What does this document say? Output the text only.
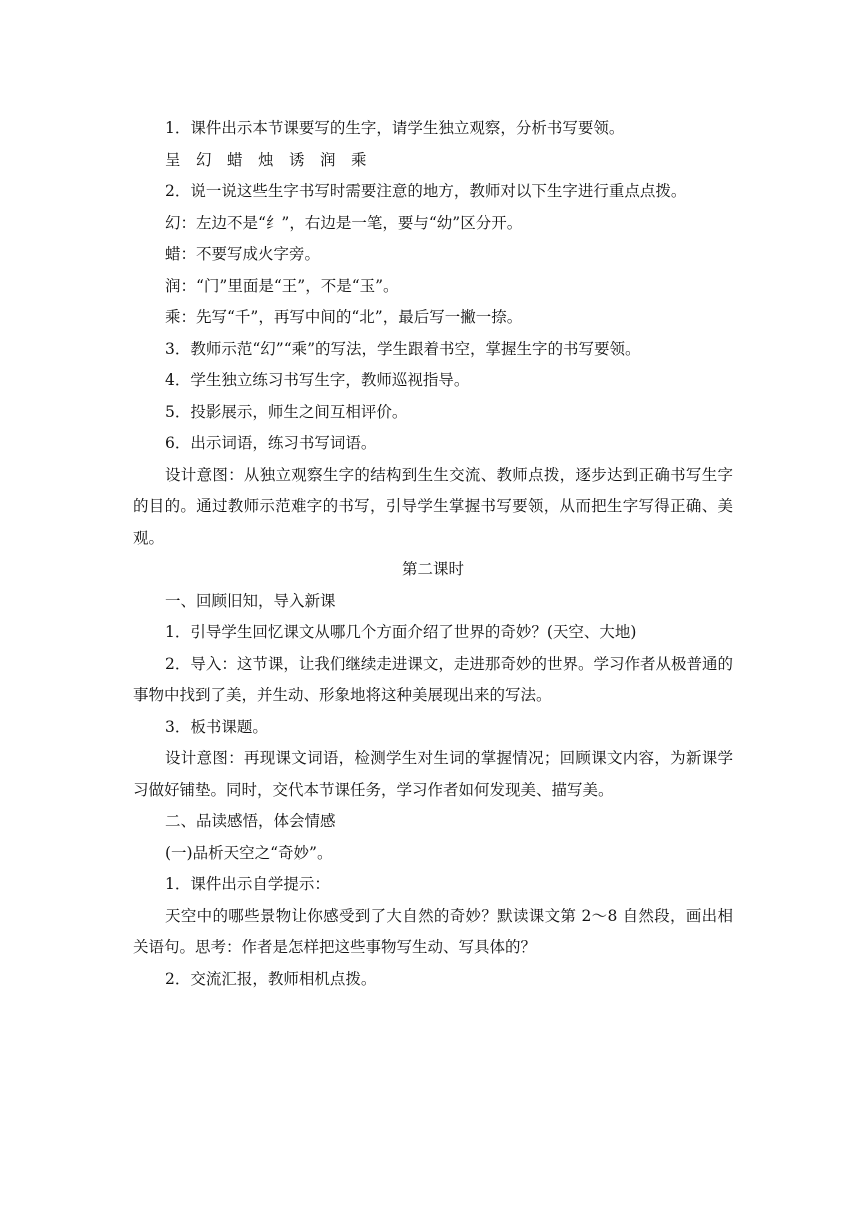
1．课件出示本节课要写的生字，请学生独立观察，分析书写要领。

呈　幻　蜡　烛　诱　润　乘

2．说一说这些生字书写时需要注意的地方，教师对以下生字进行重点点拨。

幻：左边不是“纟”，右边是一笔，要与“幼”区分开。

蜡：不要写成火字旁。

润：“门”里面是“王”，不是“玉”。

乘：先写“千”，再写中间的“北”，最后写一撇一捺。

3．教师示范“幻”“乘”的写法，学生跟着书空，掌握生字的书写要领。

4．学生独立练习书写生字，教师巡视指导。

5．投影展示，师生之间互相评价。

6．出示词语，练习书写词语。

设计意图：从独立观察生字的结构到生生交流、教师点拨，逐步达到正确书写生字的目的。通过教师示范难字的书写，引导学生掌握书写要领，从而把生字写得正确、美观。

第二课时

一、回顾旧知，导入新课

1．引导学生回忆课文从哪几个方面介绍了世界的奇妙？(天空、大地)

2．导入：这节课，让我们继续走进课文，走进那奇妙的世界。学习作者从极普通的事物中找到了美，并生动、形象地将这种美展现出来的写法。

3．板书课题。

设计意图：再现课文词语，检测学生对生词的掌握情况；回顾课文内容，为新课学习做好铺垫。同时，交代本节课任务，学习作者如何发现美、描写美。

二、品读感悟，体会情感

(一)品析天空之“奇妙”。

1．课件出示自学提示：

天空中的哪些景物让你感受到了大自然的奇妙？默读课文第 2～8 自然段，画出相关语句。思考：作者是怎样把这些事物写生动、写具体的？

2．交流汇报，教师相机点拨。
